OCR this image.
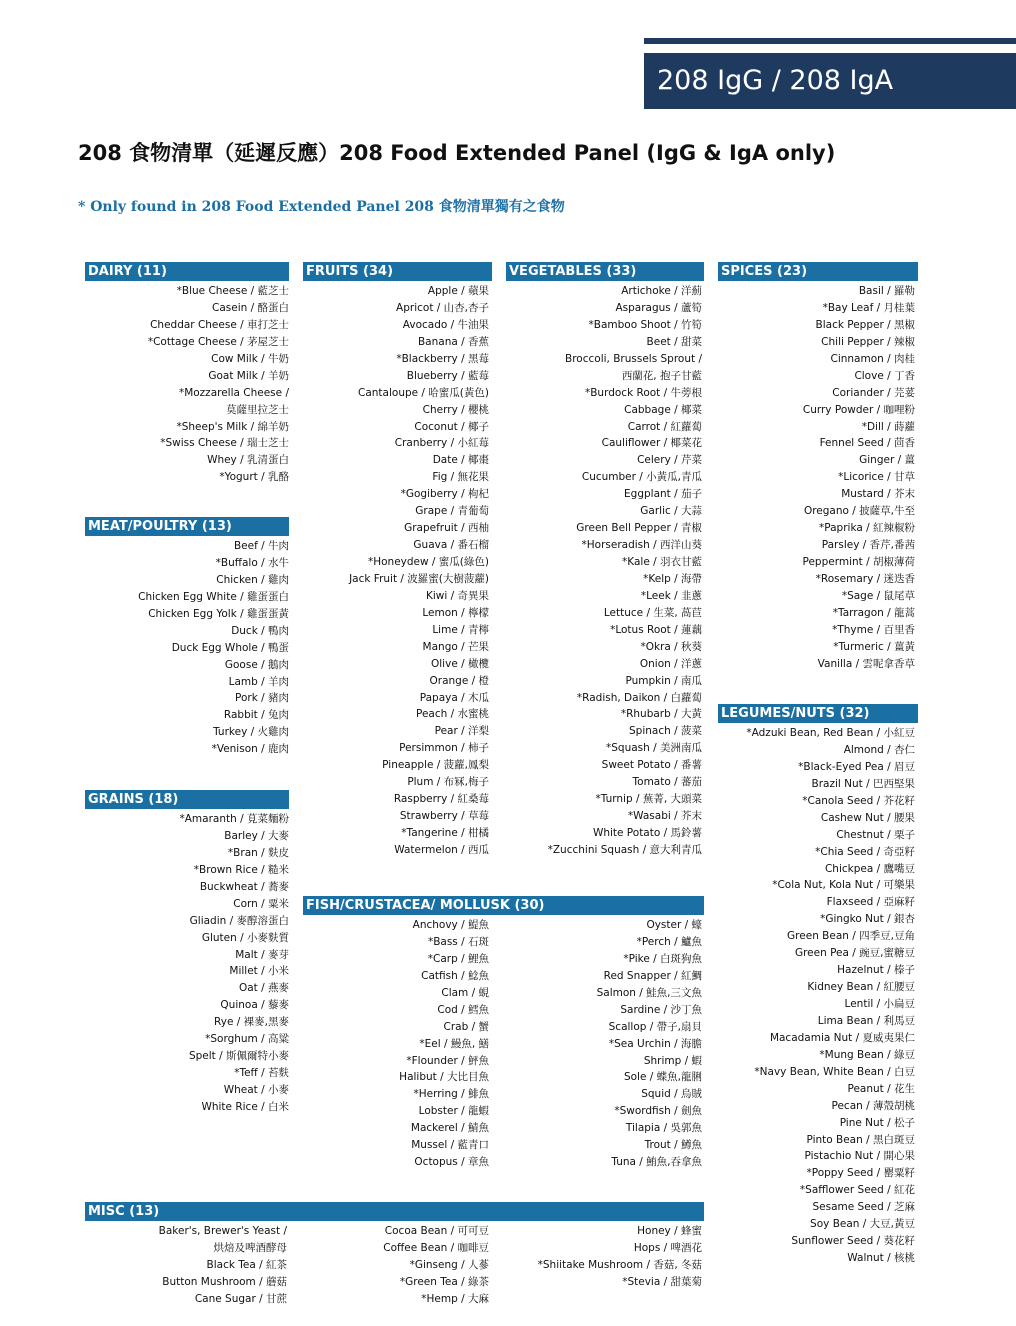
208 IgG / 208 IgA
208 食物清單（延遲反應）208 Food Extended Panel (IgG & IgA only)
* Only found in 208 Food Extended Panel 208 食物清單獨有之食物
DAIRY (11)
*Blue Cheese / 藍芝士
Casein / 酪蛋白
Cheddar Cheese / 車打芝士
*Cottage Cheese / 茅屋芝士
Cow Milk / 牛奶
Goat Milk / 羊奶
*Mozzarella Cheese /
莫薩里拉芝士
*Sheep's Milk / 綿羊奶
*Swiss Cheese / 瑞士芝士
Whey / 乳清蛋白
*Yogurt / 乳酪
MEAT/POULTRY (13)
Beef / 牛肉
*Buffalo / 水牛
Chicken / 雞肉
Chicken Egg White / 雞蛋蛋白
Chicken Egg Yolk / 雞蛋蛋黃
Duck / 鴨肉
Duck Egg Whole / 鴨蛋
Goose / 鵝肉
Lamb / 羊肉
Pork / 豬肉
Rabbit / 兔肉
Turkey / 火雞肉
*Venison / 鹿肉
GRAINS (18)
*Amaranth / 莧菜麵粉
Barley / 大麥
*Bran / 麩皮
*Brown Rice / 糙米
Buckwheat / 蕎麥
Corn / 粟米
Gliadin / 麥醇溶蛋白
Gluten / 小麥麩質
Malt / 麥芽
Millet / 小米
Oat / 燕麥
Quinoa / 藜麥
Rye / 裸麥,黑麥
*Sorghum / 高粱
Spelt / 斯佩爾特小麥
*Teff / 苔麩
Wheat / 小麥
White Rice / 白米
FRUITS (34)
Apple / 蘋果
Apricot / 山杏,杏子
Avocado / 牛油果
Banana / 香蕉
*Blackberry / 黑莓
Blueberry / 藍莓
Cantaloupe / 哈蜜瓜(黃色)
Cherry / 櫻桃
Coconut / 椰子
Cranberry / 小紅莓
Date / 椰棗
Fig / 無花果
*Gogiberry / 枸杞
Grape / 青葡萄
Grapefruit / 西柚
Guava / 番石榴
*Honeydew / 蜜瓜(綠色)
Jack Fruit / 波羅蜜(大樹菠蘿)
Kiwi / 奇異果
Lemon / 檸檬
Lime / 青檸
Mango / 芒果
Olive / 橄欖
Orange / 橙
Papaya / 木瓜
Peach / 水蜜桃
Pear / 洋梨
Persimmon / 柿子
Pineapple / 菠蘿,鳳梨
Plum / 布冧,梅子
Raspberry / 紅桑莓
Strawberry / 草莓
*Tangerine / 柑橘
Watermelon / 西瓜
VEGETABLES (33)
Artichoke / 洋薊
Asparagus / 蘆筍
*Bamboo Shoot / 竹筍
Beet / 甜菜
Broccoli, Brussels Sprout /
西蘭花, 抱子甘藍
*Burdock Root / 牛蒡根
Cabbage / 椰菜
Carrot / 紅蘿蔔
Cauliflower / 椰菜花
Celery / 芹菜
Cucumber / 小黃瓜,青瓜
Eggplant / 茄子
Garlic / 大蒜
Green Bell Pepper / 青椒
*Horseradish / 西洋山葵
*Kale / 羽衣甘藍
*Kelp / 海帶
*Leek / 韭蔥
Lettuce / 生菜, 萵苣
*Lotus Root / 蓮藕
*Okra / 秋葵
Onion / 洋蔥
Pumpkin / 南瓜
*Radish, Daikon / 白蘿蔔
*Rhubarb / 大黃
Spinach / 菠菜
*Squash / 美洲南瓜
Sweet Potato / 番薯
Tomato / 蕃茄
*Turnip / 蕪菁, 大頭菜
*Wasabi / 芥末
White Potato / 馬鈴薯
*Zucchini Squash / 意大利青瓜
SPICES (23)
Basil / 羅勒
*Bay Leaf / 月桂葉
Black Pepper / 黑椒
Chili Pepper / 辣椒
Cinnamon / 肉桂
Clove / 丁香
Coriander / 芫荽
Curry Powder / 咖哩粉
*Dill / 蒔蘿
Fennel Seed / 茴香
Ginger / 薑
*Licorice / 甘草
Mustard / 芥末
Oregano / 披薩草,牛至
*Paprika / 紅辣椒粉
Parsley / 香芹,番茜
Peppermint / 胡椒薄荷
*Rosemary / 迷迭香
*Sage / 鼠尾草
*Tarragon / 龍蒿
*Thyme / 百里香
*Turmeric / 薑黃
Vanilla / 雲呢拿香草
LEGUMES/NUTS (32)
*Adzuki Bean, Red Bean / 小紅豆
Almond / 杏仁
*Black-Eyed Pea / 眉豆
Brazil Nut / 巴西堅果
*Canola Seed / 芥花籽
Cashew Nut / 腰果
Chestnut / 栗子
*Chia Seed / 奇亞籽
Chickpea / 鷹嘴豆
*Cola Nut, Kola Nut / 可樂果
Flaxseed / 亞麻籽
*Gingko Nut / 銀杏
Green Bean / 四季豆,豆角
Green Pea / 豌豆,蜜糖豆
Hazelnut / 榛子
Kidney Bean / 紅腰豆
Lentil / 小扁豆
Lima Bean / 利馬豆
Macadamia Nut / 夏威夷果仁
*Mung Bean / 綠豆
*Navy Bean, White Bean / 白豆
Peanut / 花生
Pecan / 薄殼胡桃
Pine Nut / 松子
Pinto Bean / 黑白斑豆
Pistachio Nut / 開心果
*Poppy Seed / 罌粟籽
*Safflower Seed / 紅花
Sesame Seed / 芝麻
Soy Bean / 大豆,黃豆
Sunflower Seed / 葵花籽
Walnut / 核桃
FISH/CRUSTACEA/ MOLLUSK (30)
Anchovy / 鯷魚
*Bass / 石斑
*Carp / 鯉魚
Catfish / 鯰魚
Clam / 蜆
Cod / 鱈魚
Crab / 蟹
*Eel / 鰻魚, 鱔
*Flounder / 鮃魚
Halibut / 大比目魚
*Herring / 鯡魚
Lobster / 龍蝦
Mackerel / 鯖魚
Mussel / 藍青口
Octopus / 章魚
Oyster / 蠔
*Perch / 鱸魚
*Pike / 白斑狗魚
Red Snapper / 紅鯛
Salmon / 鮭魚,三文魚
Sardine / 沙丁魚
Scallop / 帶子,扇貝
*Sea Urchin / 海膽
Shrimp / 蝦
Sole / 蝶魚,龍脷
Squid / 烏賊
*Swordfish / 劍魚
Tilapia / 吳郭魚
Trout / 鱒魚
Tuna / 鮪魚,吞拿魚
MISC (13)
Baker's, Brewer's Yeast /
烘焙及啤酒酵母
Black Tea / 紅茶
Button Mushroom / 蘑菇
Cane Sugar / 甘蔗
Cocoa Bean / 可可豆
Coffee Bean / 咖啡豆
*Ginseng / 人蔘
*Green Tea / 綠茶
*Hemp / 大麻
Honey / 蜂蜜
Hops / 啤酒花
*Shiitake Mushroom / 香菇, 冬菇
*Stevia / 甜葉菊
